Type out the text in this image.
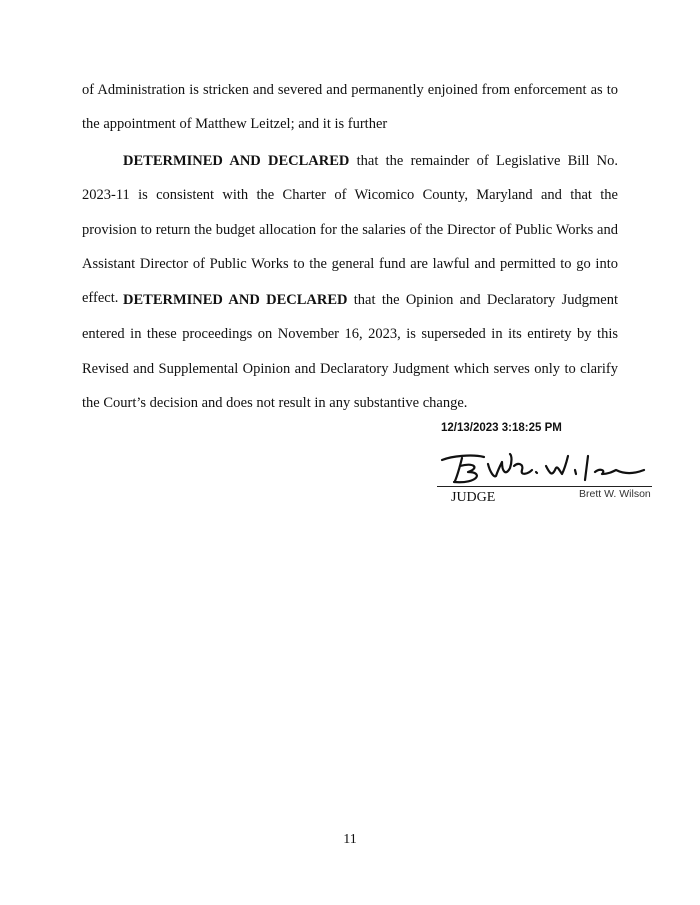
of Administration is stricken and severed and permanently enjoined from enforcement as to the appointment of Matthew Leitzel; and it is further

DETERMINED AND DECLARED that the remainder of Legislative Bill No. 2023-11 is consistent with the Charter of Wicomico County, Maryland and that the provision to return the budget allocation for the salaries of the Director of Public Works and Assistant Director of Public Works to the general fund are lawful and permitted to go into effect. DETERMINED AND DECLARED that the Opinion and Declaratory Judgment entered in these proceedings on November 16, 2023, is superseded in its entirety by this Revised and Supplemental Opinion and Declaratory Judgment which serves only to clarify the Court’s decision and does not result in any substantive change.

12/13/2023 3:18:25 PM
JUDGE	Brett W. Wilson
11
